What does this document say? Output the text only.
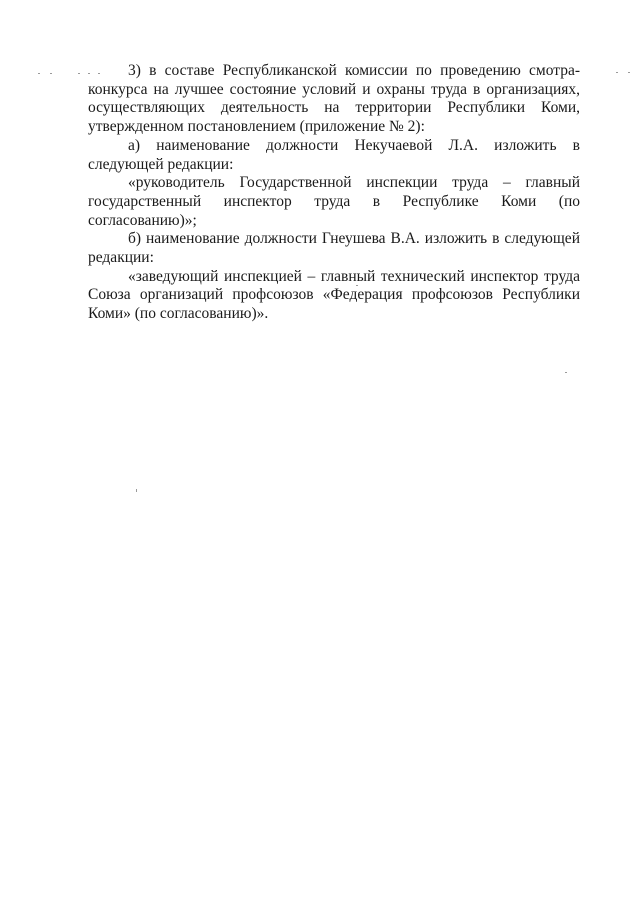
3) в составе Республиканской комиссии по проведению смотра-конкурса на лучшее состояние условий и охраны труда в организациях, осуществляющих деятельность на территории Республики Коми, утвержденном постановлением (приложение № 2):

а) наименование должности Некучаевой Л.А. изложить в следующей редакции:

«руководитель Государственной инспекции труда – главный государственный инспектор труда в Республике Коми (по согласованию)»;

б) наименование должности Гнеушева В.А. изложить в следующей редакции:

«заведующий инспекцией – главный технический инспектор труда Союза организаций профсоюзов «Федерация профсоюзов Республики Коми» (по согласованию)».
